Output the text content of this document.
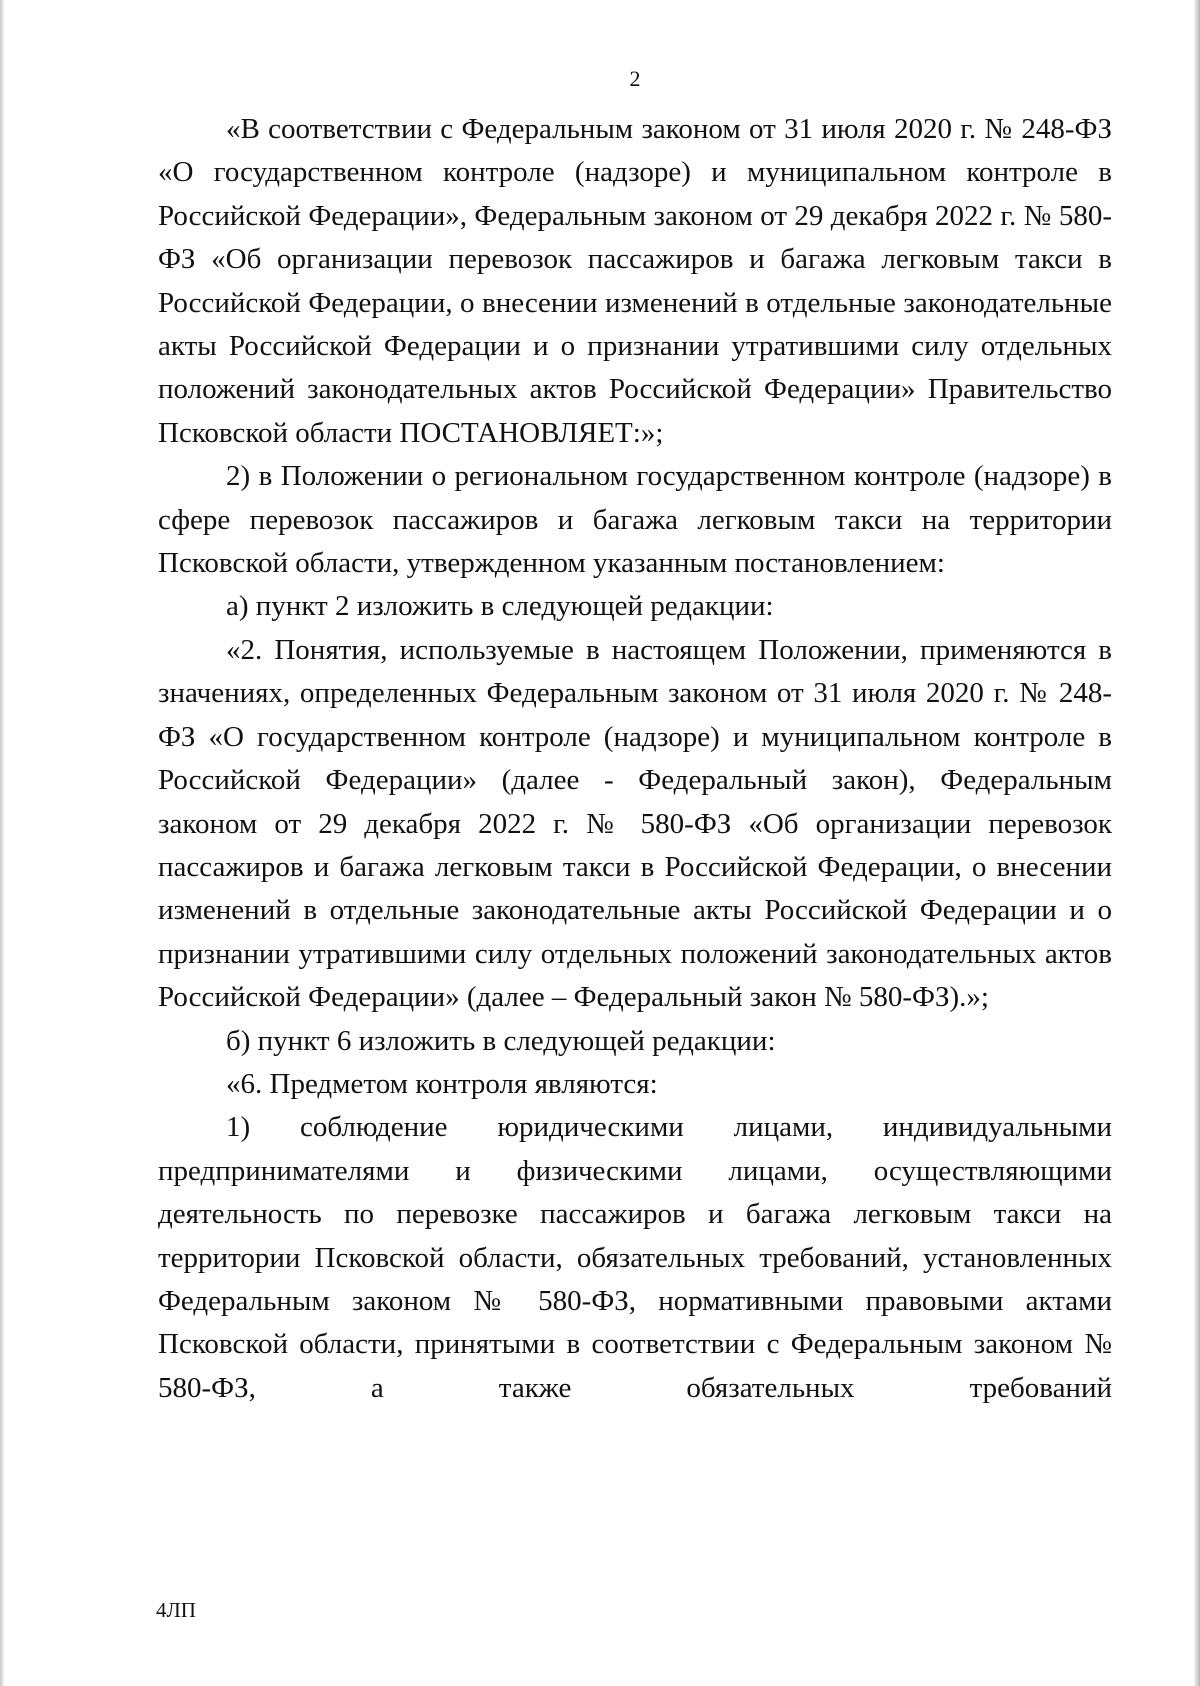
2

«В соответствии с Федеральным законом от 31 июля 2020 г. № 248-ФЗ «О государственном контроле (надзоре) и муниципальном контроле в Российской Федерации», Федеральным законом от 29 декабря 2022 г. № 580-ФЗ «Об организации перевозок пассажиров и багажа легковым такси в Российской Федерации, о внесении изменений в отдельные законодательные акты Российской Федерации и о признании утратившими силу отдельных положений законодательных актов Российской Федерации» Правительство Псковской области ПОСТАНОВЛЯЕТ:»;

2) в Положении о региональном государственном контроле (надзоре) в сфере перевозок пассажиров и багажа легковым такси на территории Псковской области, утвержденном указанным постановлением:

а) пункт 2 изложить в следующей редакции:

«2. Понятия, используемые в настоящем Положении, применяются в значениях, определенных Федеральным законом от 31 июля 2020 г. № 248-ФЗ «О государственном контроле (надзоре) и муниципальном контроле в Российской Федерации» (далее - Федеральный закон), Федеральным законом от 29 декабря 2022 г. № 580-ФЗ «Об организации перевозок пассажиров и багажа легковым такси в Российской Федерации, о внесении изменений в отдельные законодательные акты Российской Федерации и о признании утратившими силу отдельных положений законодательных актов Российской Федерации» (далее – Федеральный закон № 580-ФЗ).»;

б) пункт 6 изложить в следующей редакции:

«6. Предметом контроля являются:

1) соблюдение юридическими лицами, индивидуальными предпринимателями и физическими лицами, осуществляющими деятельность по перевозке пассажиров и багажа легковым такси на территории Псковской области, обязательных требований, установленных Федеральным законом № 580-ФЗ, нормативными правовыми актами Псковской области, принятыми в соответствии с Федеральным законом № 580-ФЗ, а также обязательных требований

4ЛП
